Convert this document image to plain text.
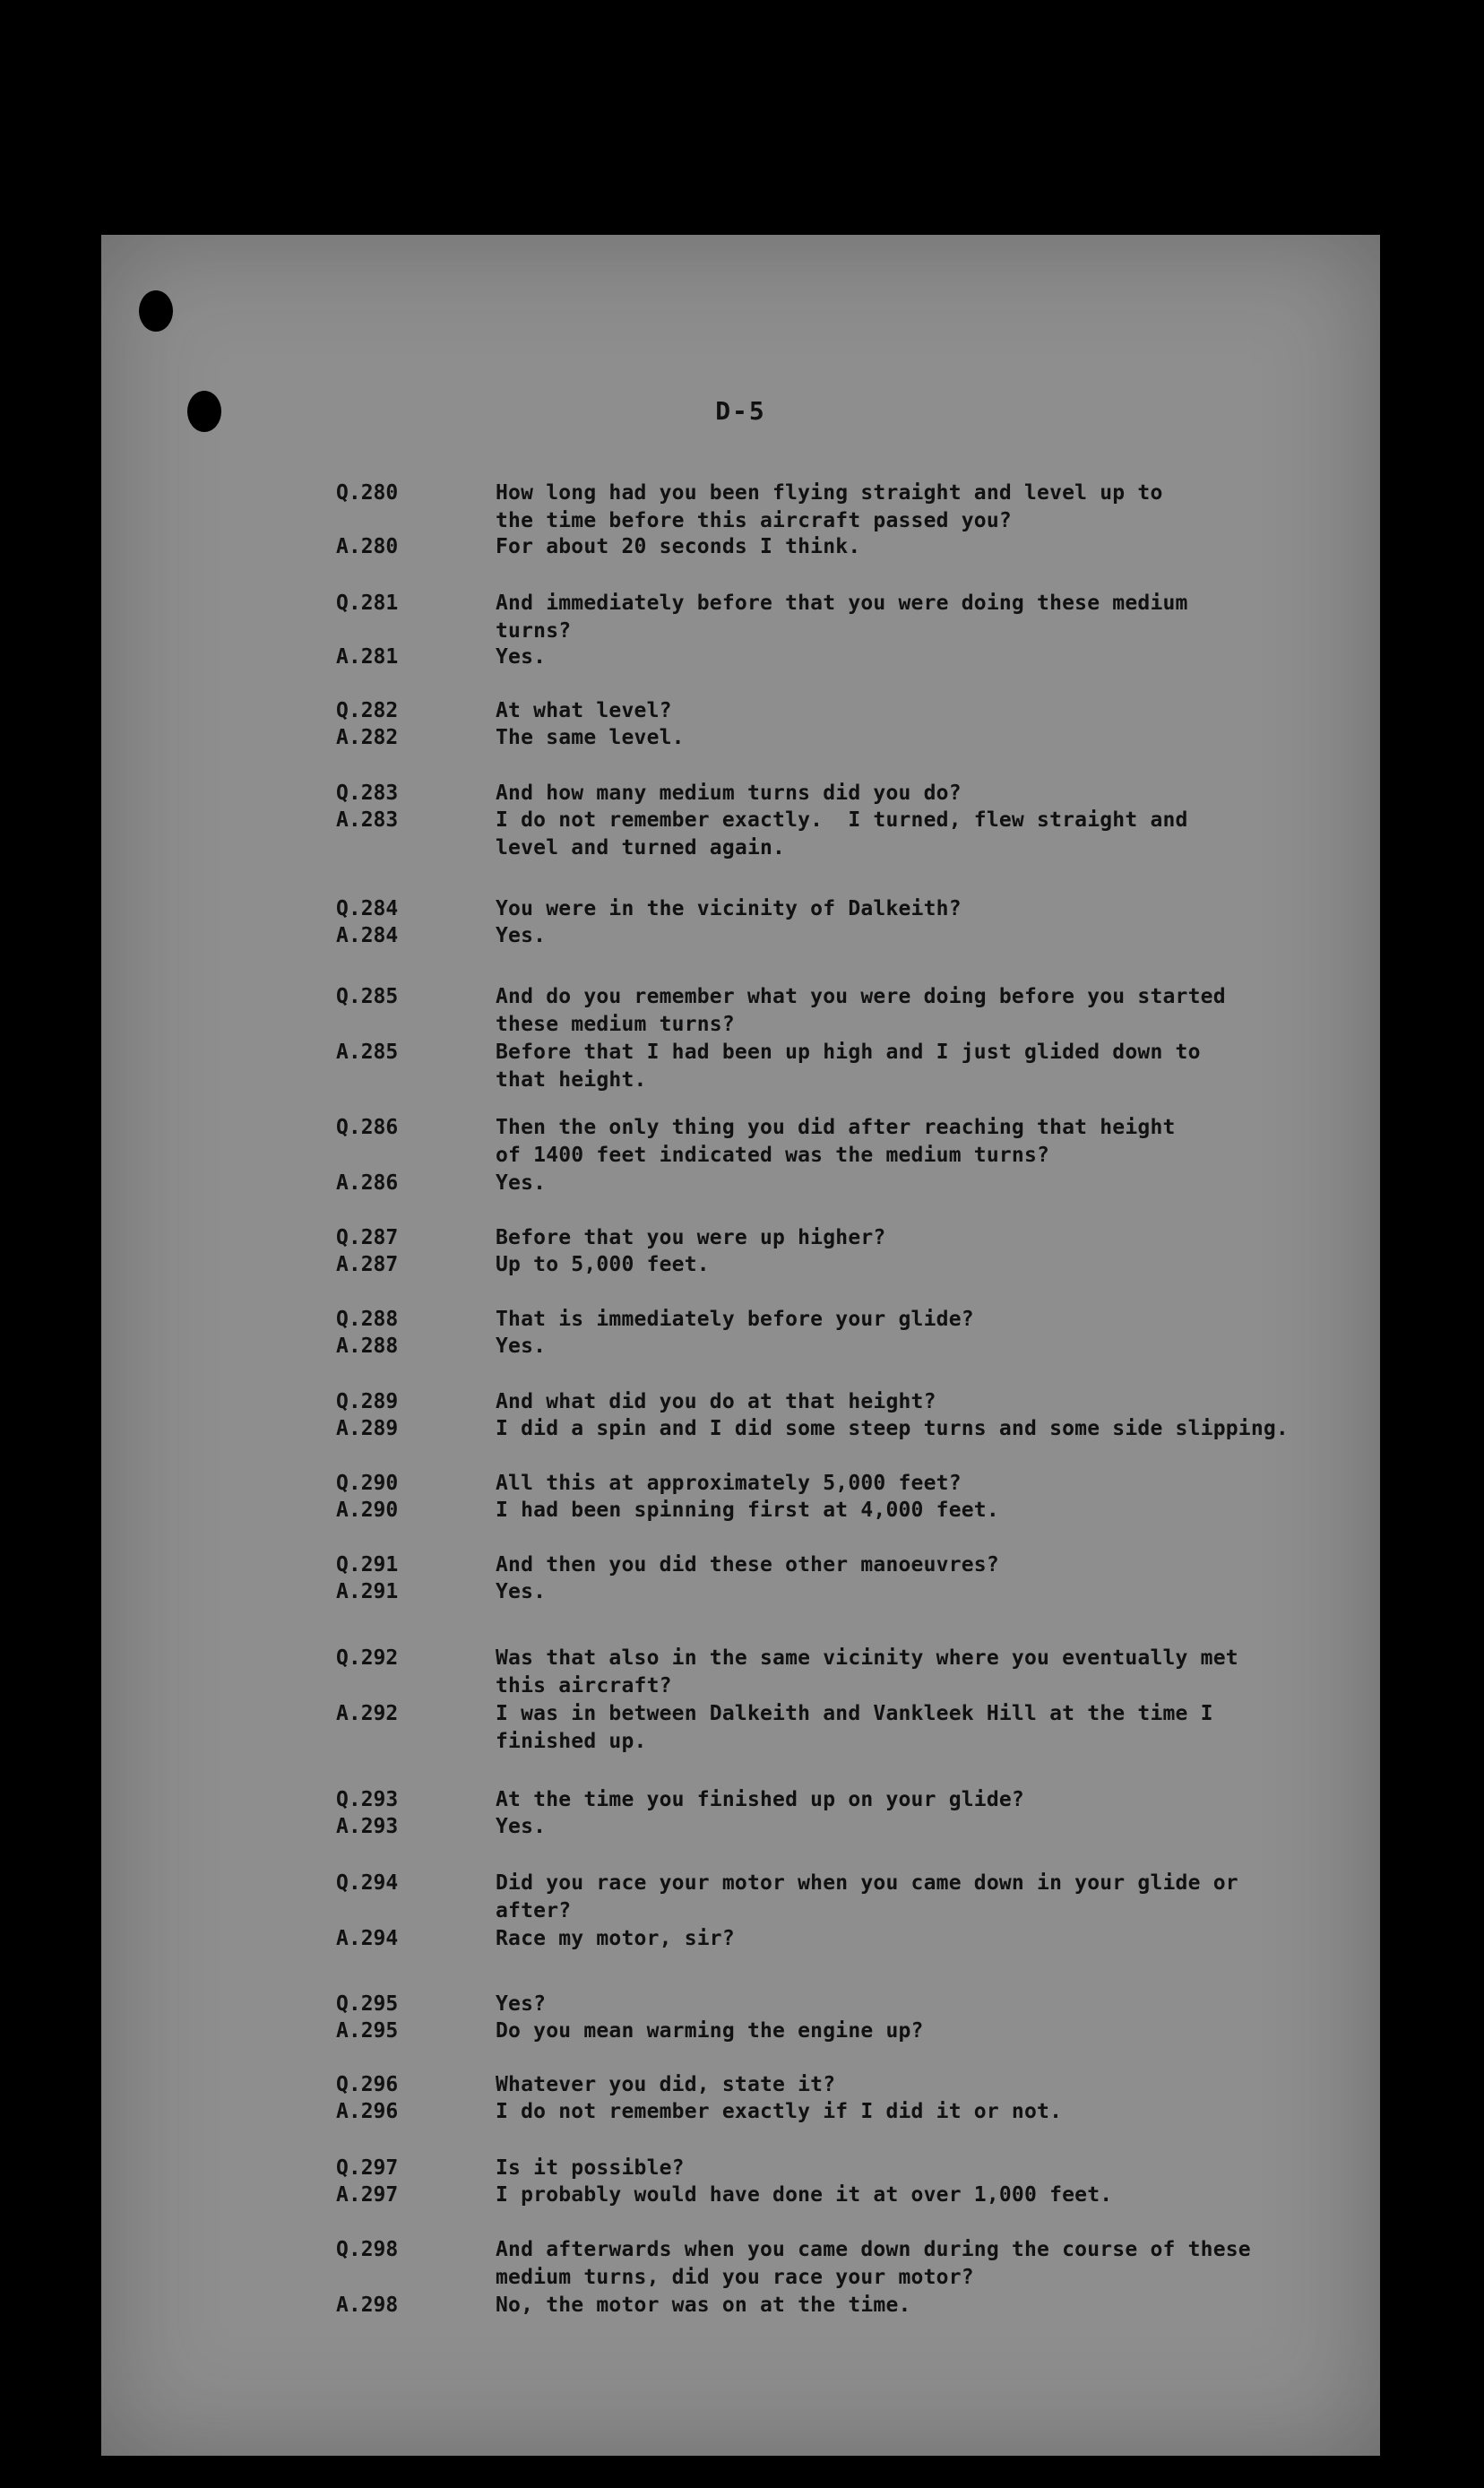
D-5
Q.280	How long had you been flying straight and level up to
the time before this aircraft passed you?
A.280	For about 20 seconds I think.
Q.281	And immediately before that you were doing these medium
turns?
A.281	Yes.
Q.282	At what level?
A.282	The same level.
Q.283	And how many medium turns did you do?
A.283	I do not remember exactly.  I turned, flew straight and
level and turned again.
Q.284	You were in the vicinity of Dalkeith?
A.284	Yes.
Q.285	And do you remember what you were doing before you started
these medium turns?
A.285	Before that I had been up high and I just glided down to
that height.
Q.286	Then the only thing you did after reaching that height
of 1400 feet indicated was the medium turns?
A.286	Yes.
Q.287	Before that you were up higher?
A.287	Up to 5,000 feet.
Q.288	That is immediately before your glide?
A.288	Yes.
Q.289	And what did you do at that height?
A.289	I did a spin and I did some steep turns and some side slipping.
Q.290	All this at approximately 5,000 feet?
A.290	I had been spinning first at 4,000 feet.
Q.291	And then you did these other manoeuvres?
A.291	Yes.
Q.292	Was that also in the same vicinity where you eventually met
this aircraft?
A.292	I was in between Dalkeith and Vankleek Hill at the time I
finished up.
Q.293	At the time you finished up on your glide?
A.293	Yes.
Q.294	Did you race your motor when you came down in your glide or
after?
A.294	Race my motor, sir?
Q.295	Yes?
A.295	Do you mean warming the engine up?
Q.296	Whatever you did, state it?
A.296	I do not remember exactly if I did it or not.
Q.297	Is it possible?
A.297	I probably would have done it at over 1,000 feet.
Q.298	And afterwards when you came down during the course of these
medium turns, did you race your motor?
A.298	No, the motor was on at the time.
